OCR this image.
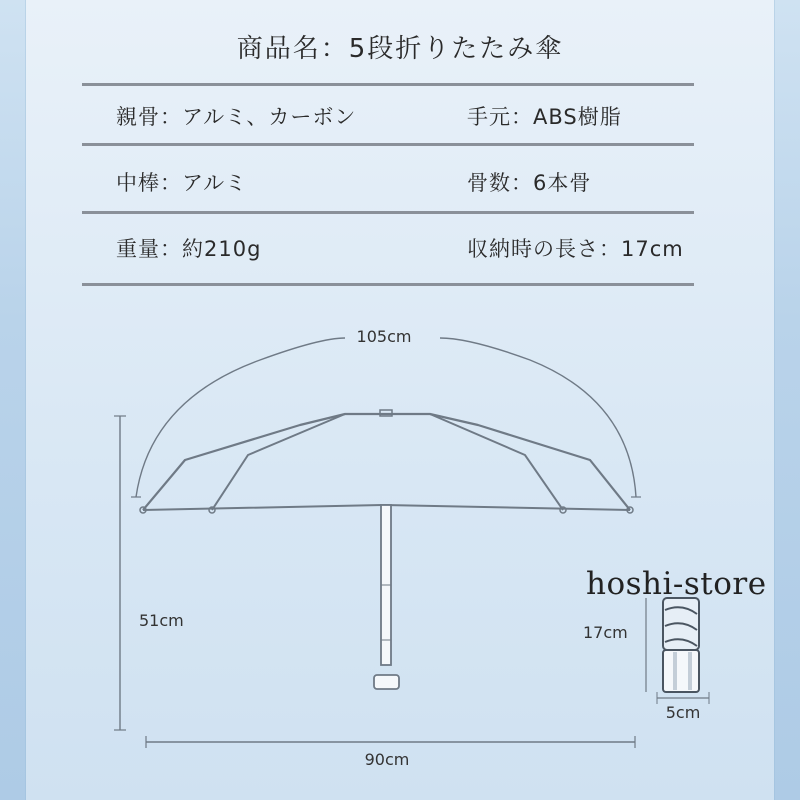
商品名：5段折りたたみ傘
親骨：アルミ、カーボン	手元：ABS樹脂
中棒：アルミ	骨数：6本骨
重量：約210g	収納時の長さ：17cm
105cm
51cm
90cm
17cm
5cm
hoshi-store
